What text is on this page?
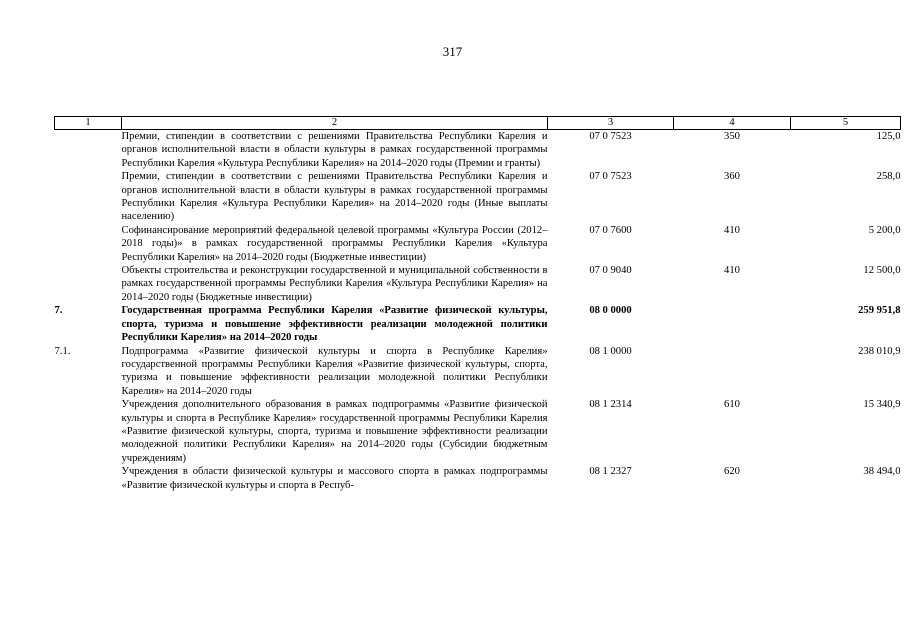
317
1	2	3	4	5
	Премии, стипендии в соответствии с решениями Правительства Республики Карелия и органов исполнительной власти в области культуры в рамках государственной программы Республики Карелия «Культура Республики Карелия» на 2014–2020 годы (Премии и гранты)	07 0 7523	350	125,0
	Премии, стипендии в соответствии с решениями Правительства Республики Карелия и органов исполнительной власти в области культуры в рамках государственной программы Республики Карелия «Культура Республики Карелия» на 2014–2020 годы (Иные выплаты населению)	07 0 7523	360	258,0
	Софинансирование мероприятий федеральной целевой программы «Культура России (2012–2018 годы)» в рамках государственной программы Республики Карелия «Культура Республики Карелия» на 2014–2020 годы (Бюджетные инвестиции)	07 0 7600	410	5 200,0
	Объекты строительства и реконструкции государственной и муниципальной собственности в рамках государственной программы Республики Карелия «Культура Республики Карелия» на 2014–2020 годы (Бюджетные инвестиции)	07 0 9040	410	12 500,0
7.	Государственная программа Республики Карелия «Развитие физической культуры, спорта, туризма и повышение эффективности реализации молодежной политики Республики Карелия» на 2014–2020 годы	08 0 0000		259 951,8
7.1.	Подпрограмма «Развитие физической культуры и спорта в Республике Карелия» государственной программы Республики Карелия «Развитие физической культуры, спорта, туризма и повышение эффективности реализации молодежной политики Республики Карелия» на 2014–2020 годы	08 1 0000		238 010,9
	Учреждения дополнительного образования в рамках подпрограммы «Развитие физической культуры и спорта в Республике Карелия» государственной программы Республики Карелия «Развитие физической культуры, спорта, туризма и повышение эффективности реализации молодежной политики Республики Карелия» на 2014–2020 годы (Субсидии бюджетным учреждениям)	08 1 2314	610	15 340,9
	Учреждения в области физической культуры и массового спорта в рамках подпрограммы «Развитие физической культуры и спорта в Респуб-	08 1 2327	620	38 494,0
